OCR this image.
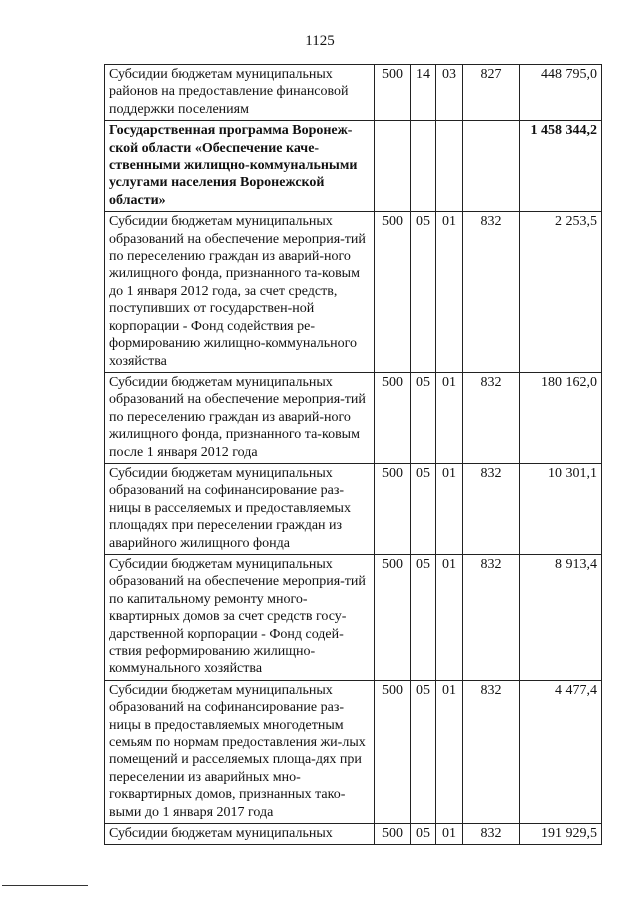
1125
Субсидии бюджетам муниципальных районов на предоставление финансовой поддержки поселениям	500	14	03	827	448 795,0
Государственная программа Воронеж-ской области «Обеспечение каче-ственными жилищно-коммунальными услугами населения Воронежской области»					1 458 344,2
Субсидии бюджетам муниципальных образований на обеспечение мероприя-тий по переселению граждан из аварий-ного жилищного фонда, признанного та-ковым до 1 января 2012 года, за счет средств, поступивших от государствен-ной корпорации - Фонд содействия ре-формированию жилищно-коммунального хозяйства	500	05	01	832	2 253,5
Субсидии бюджетам муниципальных образований на обеспечение мероприя-тий по переселению граждан из аварий-ного жилищного фонда, признанного та-ковым после 1 января 2012 года	500	05	01	832	180 162,0
Субсидии бюджетам муниципальных образований на софинансирование раз-ницы в расселяемых и предоставляемых площадях при переселении граждан из аварийного жилищного фонда	500	05	01	832	10 301,1
Субсидии бюджетам муниципальных образований на обеспечение мероприя-тий по капитальному ремонту много-квартирных домов за счет средств госу-дарственной корпорации - Фонд содей-ствия реформированию жилищно-коммунального хозяйства	500	05	01	832	8 913,4
Субсидии бюджетам муниципальных образований на софинансирование раз-ницы в предоставляемых многодетным семьям по нормам предоставления жи-лых помещений и расселяемых площа-дях при переселении из аварийных мно-гоквартирных домов, признанных тако-выми до 1 января 2017 года	500	05	01	832	4 477,4
Субсидии бюджетам муниципальных	500	05	01	832	191 929,5
